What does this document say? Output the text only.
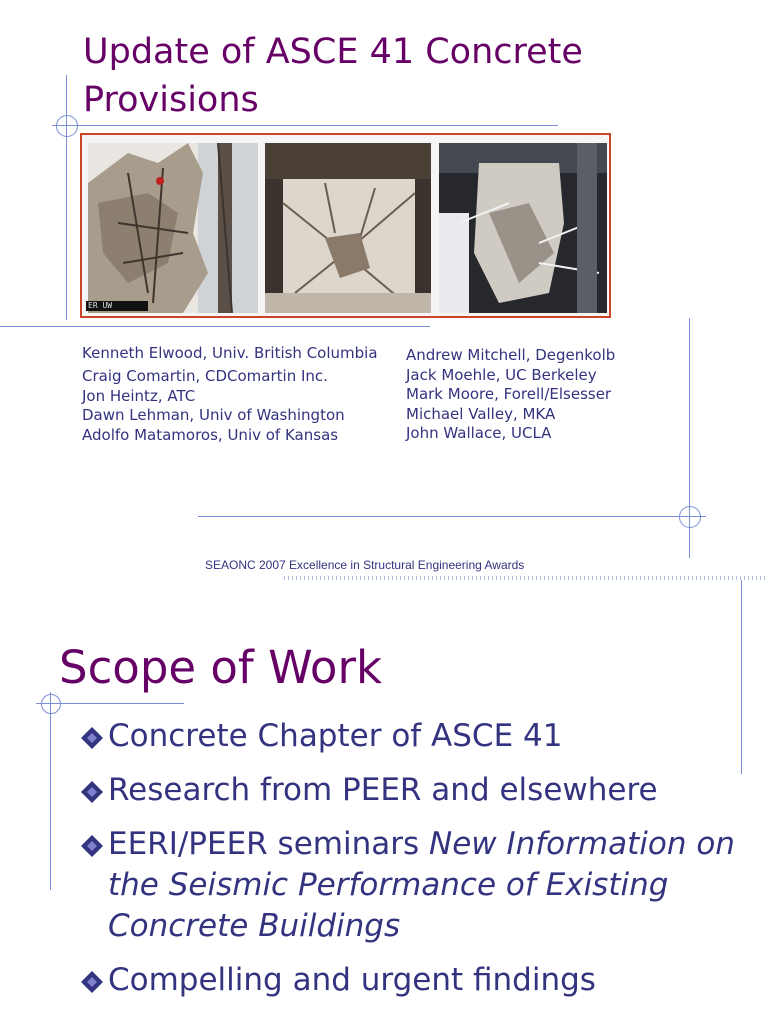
Update of ASCE 41 Concrete
Provisions
ER UW
Kenneth Elwood, Univ. British Columbia
Craig Comartin, CDComartin Inc.
Jon Heintz, ATC
Dawn Lehman, Univ of Washington
Adolfo Matamoros, Univ of Kansas
Andrew Mitchell, Degenkolb
Jack Moehle, UC Berkeley
Mark Moore, Forell/Elsesser
Michael Valley, MKA
John Wallace, UCLA
SEAONC 2007 Excellence in Structural Engineering Awards
Scope of Work
Concrete Chapter of ASCE 41
Research from PEER and elsewhere
EERI/PEER seminars New Information on the Seismic Performance of Existing Concrete Buildings
Compelling and urgent findings
